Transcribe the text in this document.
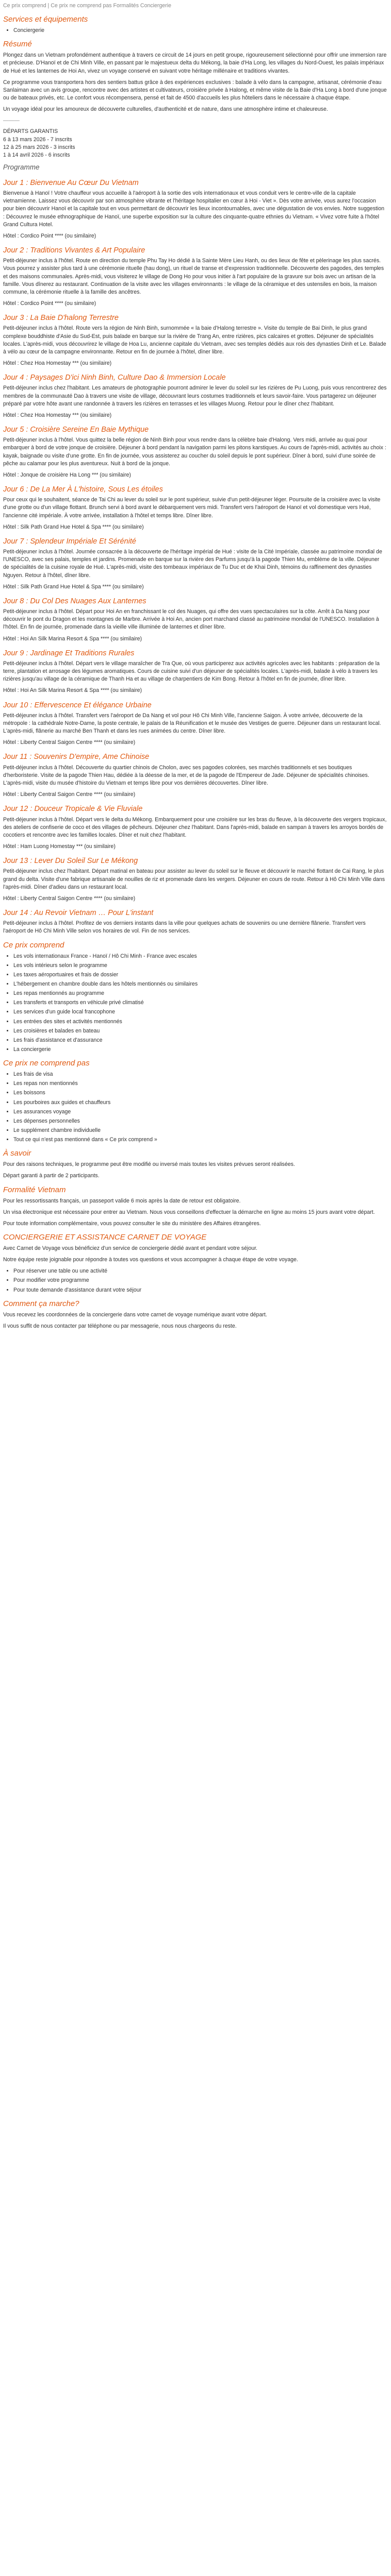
Ce prix comprend | Ce prix ne comprend pas Formalités Conciergerie
Services et équipements
• Conciergerie
Résumé

Plongez dans un Vietnam profondément authentique à travers ce circuit de 14 jours en petit groupe, rigoureusement sélectionné pour offrir une immersion rare et précieuse. D'Hanoï et de Chi Minh Ville, en passant par le majestueux delta du Mékong, la baie d'Ha Long, les villages du Nord-Ouest, les palais impériaux de Hué et les lanternes de Hoi An, vivez un voyage conservé en suivant votre héritage millénaire et traditions vivantes.

Ce programme vous transportera hors des sentiers battus grâce à des expériences exclusives : balade à vélo dans la campagne, artisanat, cérémonie d'eau Sanlaiman avec un avis groupe, rencontre avec des artistes et cultivateurs, croisière privée à Halong, et même visite de la Baie d'Ha Long à bord d'une jonque ou de bateaux privés, etc. Le confort vous récompensera, pensé et fait de 4500 d'accueils les plus hôteliers dans le nécessaire à chaque étape.

Un voyage idéal pour les amoureux de découverte culturelles, d'authenticité et de nature, dans une atmosphère intime et chaleureuse.

———
DÉPARTS GARANTIS
6 à 13 mars 2026 - 7 inscrits
12 à 25 mars 2026 - 3 inscrits
1 à 14 avril 2026 - 6 inscrits
Programme
Jour 1 : Bienvenue Au Cœur Du Vietnam

Bienvenue à Hanoï ! Votre chauffeur vous accueille à l'aéroport à la sortie des vols internationaux et vous conduit vers le centre-ville de la capitale vietnamienne. Laissez vous découvrir par son atmosphère vibrante et l'héritage hospitalier en cœur à Hoi - Viet ». Dès votre arrivée, vous aurez l'occasion pour bien découvrir Hanoï et la capitale tout en vous permettant de découvrir les lieux incontournables, avec une dégustation de vos envies. Notre suggestion : Découvrez le musée ethnographique de Hanoï, une superbe exposition sur la culture des cinquante-quatre ethnies du Vietnam. « Vivez votre fuite à l'hôtel Grand Cultura Hotel.

Hôtel : Cordico Point **** (ou similaire)
Jour 2 : Traditions Vivantes & Art Populaire

Petit-déjeuner inclus à l'hôtel. Route en direction du temple Phu Tay Ho dédié à la Sainte Mère Lieu Hanh, ou des lieux de fête et pèlerinage les plus sacrés. Vous pourrez y assister plus tard à une cérémonie rituelle (hau dong), un rituel de transe et d'expression traditionnelle. Découverte des pagodes, des temples et des maisons communales. Après-midi, vous visiterez le village de Dong Ho pour vous initier à l'art populaire de la gravure sur bois avec un artisan de la famille. Vous dînerez au restaurant. Continuation de la visite avec les villages environnants : le village de la céramique et des ustensiles en bois, la maison commune, la cérémonie rituelle à la famille des ancêtres.

Hôtel : Cordico Point **** (ou similaire)
Jour 3 : La Baie D'halong Terrestre

Petit-déjeuner inclus à l'hôtel. Route vers la région de Ninh Binh, surnommée « la baie d'Halong terrestre ». Visite du temple de Bai Dinh, le plus grand complexe bouddhiste d'Asie du Sud-Est, puis balade en barque sur la rivière de Trang An, entre rizières, pics calcaires et grottes. Déjeuner de spécialités locales. L'après-midi, vous découvrirez le village de Hoa Lu, ancienne capitale du Vietnam, avec ses temples dédiés aux rois des dynasties Dinh et Le. Balade à vélo au cœur de la campagne environnante. Retour en fin de journée à l'hôtel, dîner libre.

Hôtel : Chez Hoa Homestay *** (ou similaire)
Jour 4 : Paysages D'ici Ninh Binh, Culture Dao & Immersion Locale

Petit-déjeuner inclus chez l'habitant. Les amateurs de photographie pourront admirer le lever du soleil sur les rizières de Pu Luong, puis vous rencontrerez des membres de la communauté Dao à travers une visite de village, découvrant leurs costumes traditionnels et leurs savoir-faire. Vous partagerez un déjeuner préparé par votre hôte avant une randonnée à travers les rizières en terrasses et les villages Muong. Retour pour le dîner chez l'habitant.

Hôtel : Chez Hoa Homestay *** (ou similaire)
Jour 5 : Croisière Sereine En Baie Mythique

Petit-déjeuner inclus à l'hôtel. Vous quittez la belle région de Ninh Binh pour vous rendre dans la célèbre baie d'Halong. Vers midi, arrivée au quai pour embarquer à bord de votre jonque de croisière. Déjeuner à bord pendant la navigation parmi les pitons karstiques. Au cours de l'après-midi, activités au choix : kayak, baignade ou visite d'une grotte. En fin de journée, vous assisterez au coucher du soleil depuis le pont supérieur. Dîner à bord, suivi d'une soirée de pêche au calamar pour les plus aventureux. Nuit à bord de la jonque.

Hôtel : Jonque de croisière Ha Long *** (ou similaire)
Jour 6 : De La Mer À L'histoire, Sous Les étoiles

Pour ceux qui le souhaitent, séance de Tai Chi au lever du soleil sur le pont supérieur, suivie d'un petit-déjeuner léger. Poursuite de la croisière avec la visite d'une grotte ou d'un village flottant. Brunch servi à bord avant le débarquement vers midi. Transfert vers l'aéroport de Hanoï et vol domestique vers Hué, l'ancienne cité impériale. À votre arrivée, installation à l'hôtel et temps libre. Dîner libre.

Hôtel : Silk Path Grand Hue Hotel & Spa **** (ou similaire)
Jour 7 : Splendeur Impériale Et Sérénité

Petit-déjeuner inclus à l'hôtel. Journée consacrée à la découverte de l'héritage impérial de Hué : visite de la Cité Impériale, classée au patrimoine mondial de l'UNESCO, avec ses palais, temples et jardins. Promenade en barque sur la rivière des Parfums jusqu'à la pagode Thien Mu, emblème de la ville. Déjeuner de spécialités de la cuisine royale de Hué. L'après-midi, visite des tombeaux impériaux de Tu Duc et de Khai Dinh, témoins du raffinement des dynasties Nguyen. Retour à l'hôtel, dîner libre.

Hôtel : Silk Path Grand Hue Hotel & Spa **** (ou similaire)
Jour 8 : Du Col Des Nuages Aux Lanternes

Petit-déjeuner inclus à l'hôtel. Départ pour Hoi An en franchissant le col des Nuages, qui offre des vues spectaculaires sur la côte. Arrêt à Da Nang pour découvrir le pont du Dragon et les montagnes de Marbre. Arrivée à Hoi An, ancien port marchand classé au patrimoine mondial de l'UNESCO. Installation à l'hôtel. En fin de journée, promenade dans la vieille ville illuminée de lanternes et dîner libre.

Hôtel : Hoi An Silk Marina Resort & Spa **** (ou similaire)
Jour 9 : Jardinage Et Traditions Rurales

Petit-déjeuner inclus à l'hôtel. Départ vers le village maraîcher de Tra Que, où vous participerez aux activités agricoles avec les habitants : préparation de la terre, plantation et arrosage des légumes aromatiques. Cours de cuisine suivi d'un déjeuner de spécialités locales. L'après-midi, balade à vélo à travers les rizières jusqu'au village de la céramique de Thanh Ha et au village de charpentiers de Kim Bong. Retour à l'hôtel en fin de journée, dîner libre.

Hôtel : Hoi An Silk Marina Resort & Spa **** (ou similaire)
Jour 10 : Effervescence Et élégance Urbaine

Petit-déjeuner inclus à l'hôtel. Transfert vers l'aéroport de Da Nang et vol pour Hô Chi Minh Ville, l'ancienne Saigon. À votre arrivée, découverte de la métropole : la cathédrale Notre-Dame, la poste centrale, le palais de la Réunification et le musée des Vestiges de guerre. Déjeuner dans un restaurant local. L'après-midi, flânerie au marché Ben Thanh et dans les rues animées du centre. Dîner libre.

Hôtel : Liberty Central Saigon Centre **** (ou similaire)
Jour 11 : Souvenirs D'empire, Ame Chinoise

Petit-déjeuner inclus à l'hôtel. Découverte du quartier chinois de Cholon, avec ses pagodes colorées, ses marchés traditionnels et ses boutiques d'herboristerie. Visite de la pagode Thien Hau, dédiée à la déesse de la mer, et de la pagode de l'Empereur de Jade. Déjeuner de spécialités chinoises. L'après-midi, visite du musée d'histoire du Vietnam et temps libre pour vos dernières découvertes. Dîner libre.

Hôtel : Liberty Central Saigon Centre **** (ou similaire)
Jour 12 : Douceur Tropicale & Vie Fluviale

Petit-déjeuner inclus à l'hôtel. Départ vers le delta du Mékong. Embarquement pour une croisière sur les bras du fleuve, à la découverte des vergers tropicaux, des ateliers de confiserie de coco et des villages de pêcheurs. Déjeuner chez l'habitant. Dans l'après-midi, balade en sampan à travers les arroyos bordés de cocotiers et rencontre avec les familles locales. Dîner et nuit chez l'habitant.

Hôtel : Ham Luong Homestay *** (ou similaire)
Jour 13 : Lever Du Soleil Sur Le Mékong

Petit-déjeuner inclus chez l'habitant. Départ matinal en bateau pour assister au lever du soleil sur le fleuve et découvrir le marché flottant de Cai Rang, le plus grand du delta. Visite d'une fabrique artisanale de nouilles de riz et promenade dans les vergers. Déjeuner en cours de route. Retour à Hô Chi Minh Ville dans l'après-midi. Dîner d'adieu dans un restaurant local.

Hôtel : Liberty Central Saigon Centre **** (ou similaire)
Jour 14 : Au Revoir Vietnam … Pour L'instant

Petit-déjeuner inclus à l'hôtel. Profitez de vos derniers instants dans la ville pour quelques achats de souvenirs ou une dernière flânerie. Transfert vers l'aéroport de Hô Chi Minh Ville selon vos horaires de vol. Fin de nos services.

Ce prix comprend
• Les vols internationaux France - Hanoï / Hô Chi Minh - France avec escales
• Les vols intérieurs selon le programme
• Les taxes aéroportuaires et frais de dossier
• L'hébergement en chambre double dans les hôtels mentionnés ou similaires
• Les repas mentionnés au programme
• Les transferts et transports en véhicule privé climatisé
• Les services d'un guide local francophone
• Les entrées des sites et activités mentionnés
• Les croisières et balades en bateau
• Les frais d'assistance et d'assurance
• La conciergerie
Ce prix ne comprend pas
• Les frais de visa
• Les repas non mentionnés
• Les boissons
• Les pourboires aux guides et chauffeurs
• Les assurances voyage
• Les dépenses personnelles
• Le supplément chambre individuelle
• Tout ce qui n'est pas mentionné dans « Ce prix comprend »
À savoir

Pour des raisons techniques, le programme peut être modifié ou inversé mais toutes les visites prévues seront réalisées.

Départ garanti à partir de 2 participants.

Formalité Vietnam

Pour les ressortissants français, un passeport valide 6 mois après la date de retour est obligatoire.

Un visa électronique est nécessaire pour entrer au Vietnam. Nous vous conseillons d'effectuer la démarche en ligne au moins 15 jours avant votre départ.

Pour toute information complémentaire, vous pouvez consulter le site du ministère des Affaires étrangères.

CONCIERGERIE ET ASSISTANCE CARNET DE VOYAGE

Avec Carnet de Voyage vous bénéficiez d'un service de conciergerie dédié avant et pendant votre séjour.

Notre équipe reste joignable pour répondre à toutes vos questions et vous accompagner à chaque étape de votre voyage.

• Pour réserver une table ou une activité
• Pour modifier votre programme
• Pour toute demande d'assistance durant votre séjour
Comment ça marche?

Vous recevez les coordonnées de la conciergerie dans votre carnet de voyage numérique avant votre départ.

Il vous suffit de nous contacter par téléphone ou par messagerie, nous nous chargeons du reste.
